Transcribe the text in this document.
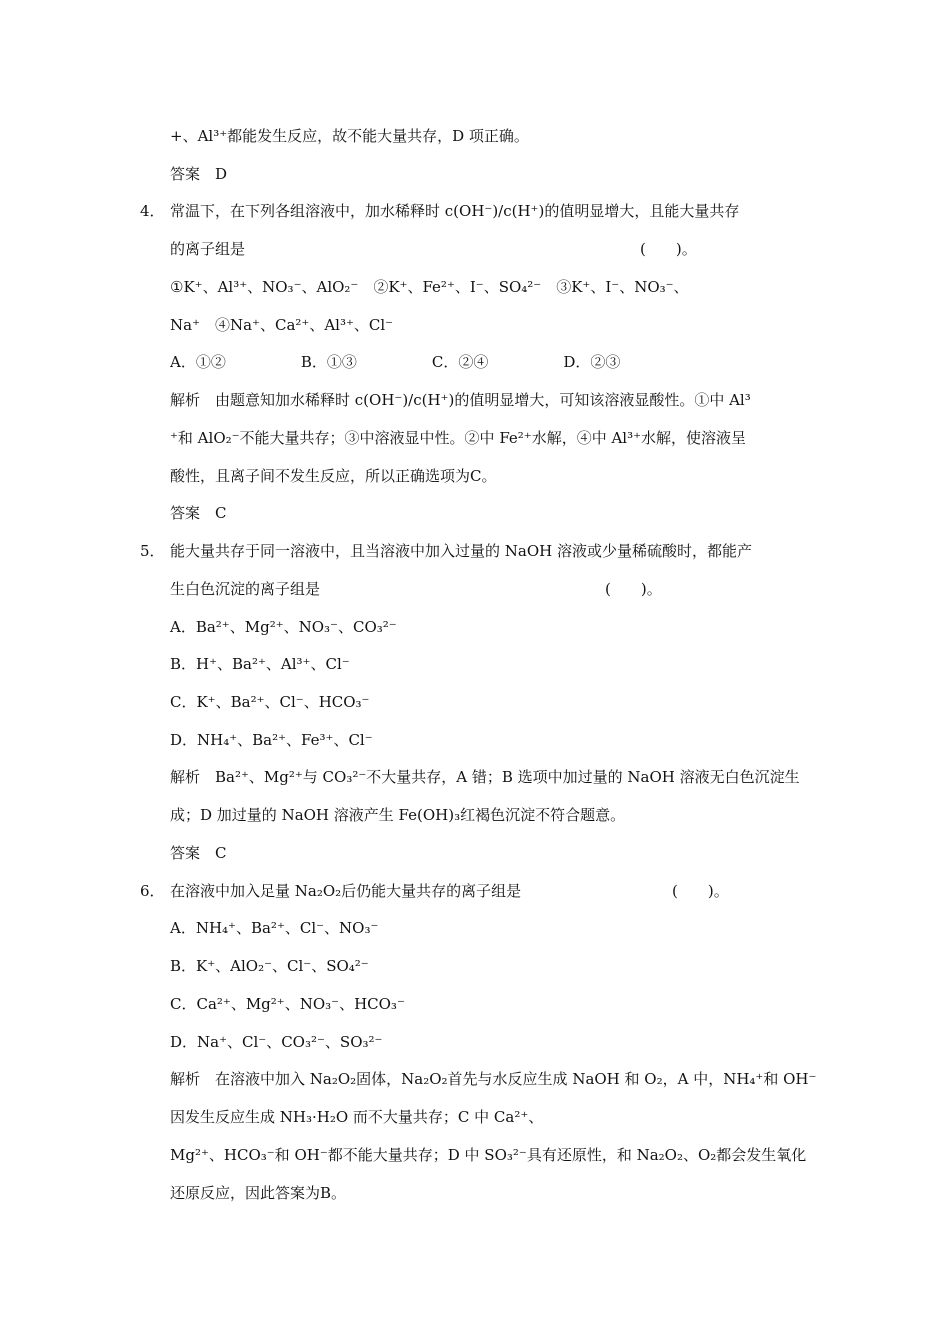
+、Al³⁺都能发生反应，故不能大量共存，D 项正确。
答案　D
4． 常温下，在下列各组溶液中，加水稀释时 c(OH⁻)/c(H⁺)的值明显增大，且能大量共存
的离子组是	(　　)。
①K⁺、Al³⁺、NO₃⁻、AlO₂⁻　②K⁺、Fe²⁺、I⁻、SO₄²⁻　③K⁺、I⁻、NO₃⁻、
Na⁺　④Na⁺、Ca²⁺、Al³⁺、Cl⁻
A．①②　　　　　B．①③　　　　　C．②④　　　　　D．②③
解析　由题意知加水稀释时 c(OH⁻)/c(H⁺)的值明显增大，可知该溶液显酸性。①中 Al³
⁺和 AlO₂⁻不能大量共存；③中溶液显中性。②中 Fe²⁺水解，④中 Al³⁺水解，使溶液呈
酸性，且离子间不发生反应，所以正确选项为C。
答案　C
5． 能大量共存于同一溶液中，且当溶液中加入过量的 NaOH 溶液或少量稀硫酸时，都能产
生白色沉淀的离子组是	(　　)。
A．Ba²⁺、Mg²⁺、NO₃⁻、CO₃²⁻
B．H⁺、Ba²⁺、Al³⁺、Cl⁻
C．K⁺、Ba²⁺、Cl⁻、HCO₃⁻
D．NH₄⁺、Ba²⁺、Fe³⁺、Cl⁻
解析　Ba²⁺、Mg²⁺与 CO₃²⁻不大量共存，A 错；B 选项中加过量的 NaOH 溶液无白色沉淀生
成；D 加过量的 NaOH 溶液产生 Fe(OH)₃红褐色沉淀不符合题意。
答案　C
6． 在溶液中加入足量 Na₂O₂后仍能大量共存的离子组是	(　　)。
A．NH₄⁺、Ba²⁺、Cl⁻、NO₃⁻
B．K⁺、AlO₂⁻、Cl⁻、SO₄²⁻
C．Ca²⁺、Mg²⁺、NO₃⁻、HCO₃⁻
D．Na⁺、Cl⁻、CO₃²⁻、SO₃²⁻
解析　在溶液中加入 Na₂O₂固体，Na₂O₂首先与水反应生成 NaOH 和 O₂，A 中，NH₄⁺和 OH⁻
因发生反应生成 NH₃·H₂O 而不大量共存；C 中 Ca²⁺、
Mg²⁺、HCO₃⁻和 OH⁻都不能大量共存；D 中 SO₃²⁻具有还原性，和 Na₂O₂、O₂都会发生氧化
还原反应，因此答案为B。
